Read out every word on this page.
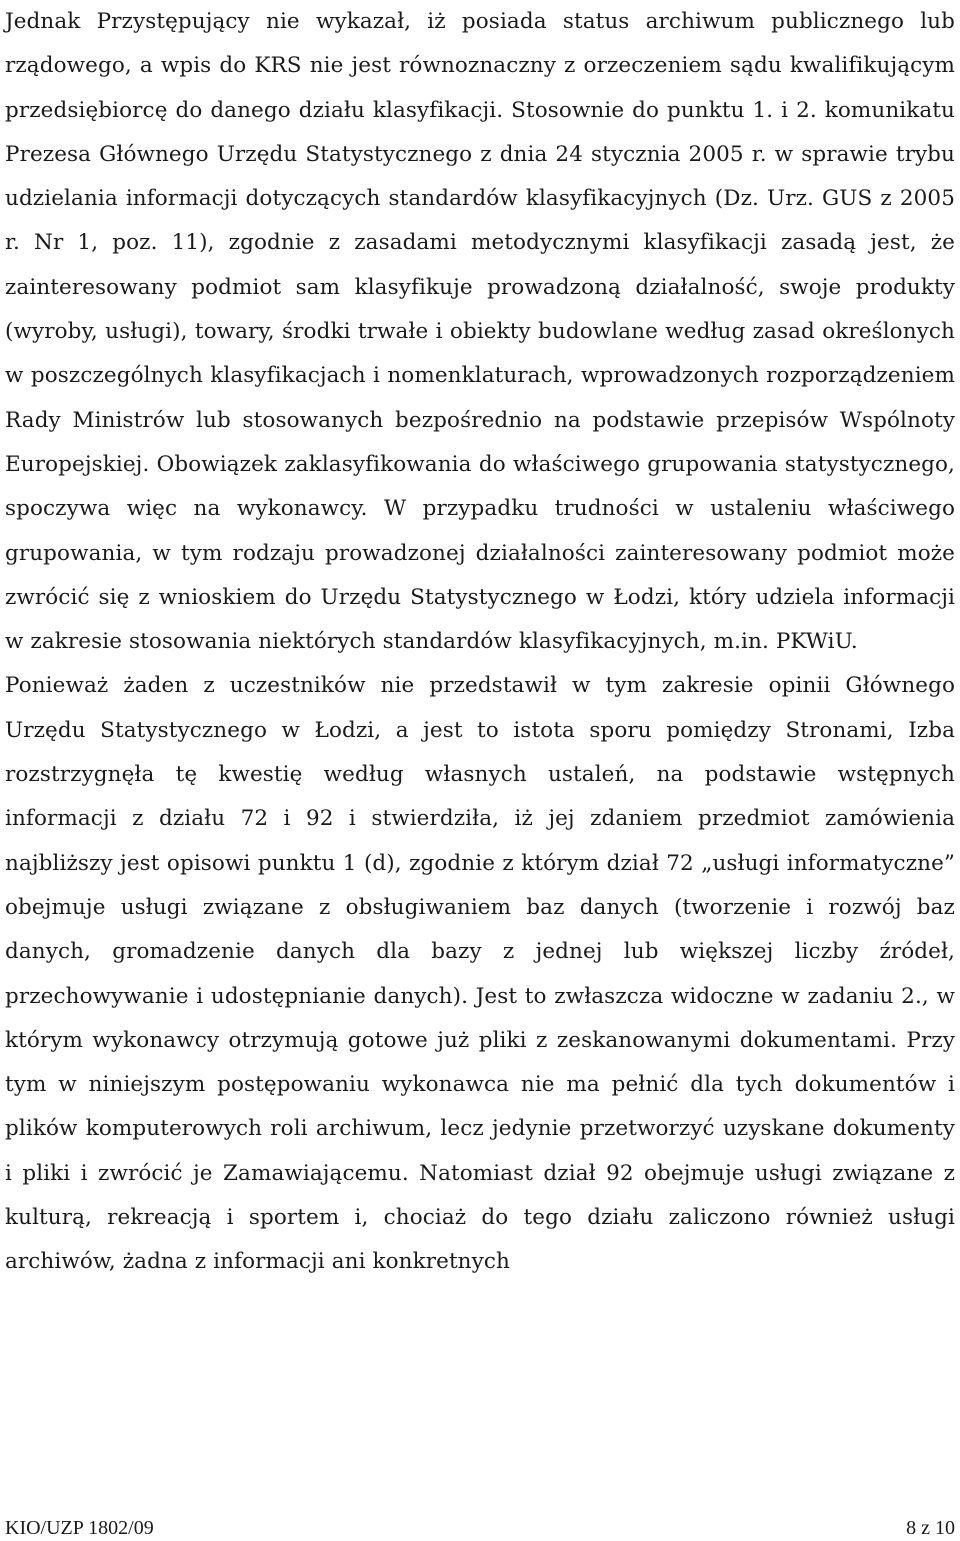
Jednak Przystępujący nie wykazał, iż posiada status archiwum publicznego lub rządowego, a wpis do KRS nie jest równoznaczny z orzeczeniem sądu kwalifikującym przedsiębiorcę do danego działu klasyfikacji. Stosownie do punktu 1. i 2. komunikatu Prezesa Głównego Urzędu Statystycznego z dnia 24 stycznia 2005 r. w sprawie trybu udzielania informacji dotyczących standardów klasyfikacyjnych (Dz. Urz. GUS z 2005 r. Nr 1, poz. 11), zgodnie z zasadami metodycznymi klasyfikacji zasadą jest, że zainteresowany podmiot sam klasyfikuje prowadzoną działalność, swoje produkty (wyroby, usługi), towary, środki trwałe i obiekty budowlane według zasad określonych w poszczególnych klasyfikacjach i nomenklaturach, wprowadzonych rozporządzeniem Rady Ministrów lub stosowanych bezpośrednio na podstawie przepisów Wspólnoty Europejskiej. Obowiązek zaklasyfikowania do właściwego grupowania statystycznego, spoczywa więc na wykonawcy. W przypadku trudności w ustaleniu właściwego grupowania, w tym rodzaju prowadzonej działalności zainteresowany podmiot może zwrócić się z wnioskiem do Urzędu Statystycznego w Łodzi, który udziela informacji w zakresie stosowania niektórych standardów klasyfikacyjnych, m.in. PKWiU.

Ponieważ żaden z uczestników nie przedstawił w tym zakresie opinii Głównego Urzędu Statystycznego w Łodzi, a jest to istota sporu pomiędzy Stronami, Izba rozstrzygnęła tę kwestię według własnych ustaleń, na podstawie wstępnych informacji z działu 72 i 92 i stwierdziła, iż jej zdaniem przedmiot zamówienia najbliższy jest opisowi punktu 1 (d), zgodnie z którym dział 72 „usługi informatyczne” obejmuje usługi związane z obsługiwaniem baz danych (tworzenie i rozwój baz danych, gromadzenie danych dla bazy z jednej lub większej liczby źródeł, przechowywanie i udostępnianie danych). Jest to zwłaszcza widoczne w zadaniu 2., w którym wykonawcy otrzymują gotowe już pliki z zeskanowanymi dokumentami. Przy tym w niniejszym postępowaniu wykonawca nie ma pełnić dla tych dokumentów i plików komputerowych roli archiwum, lecz jedynie przetworzyć uzyskane dokumenty i pliki i zwrócić je Zamawiającemu. Natomiast dział 92 obejmuje usługi związane z kulturą, rekreacją i sportem i, chociaż do tego działu zaliczono również usługi archiwów, żadna z informacji ani konkretnych

KIO/UZP 1802/09	8 z 10
